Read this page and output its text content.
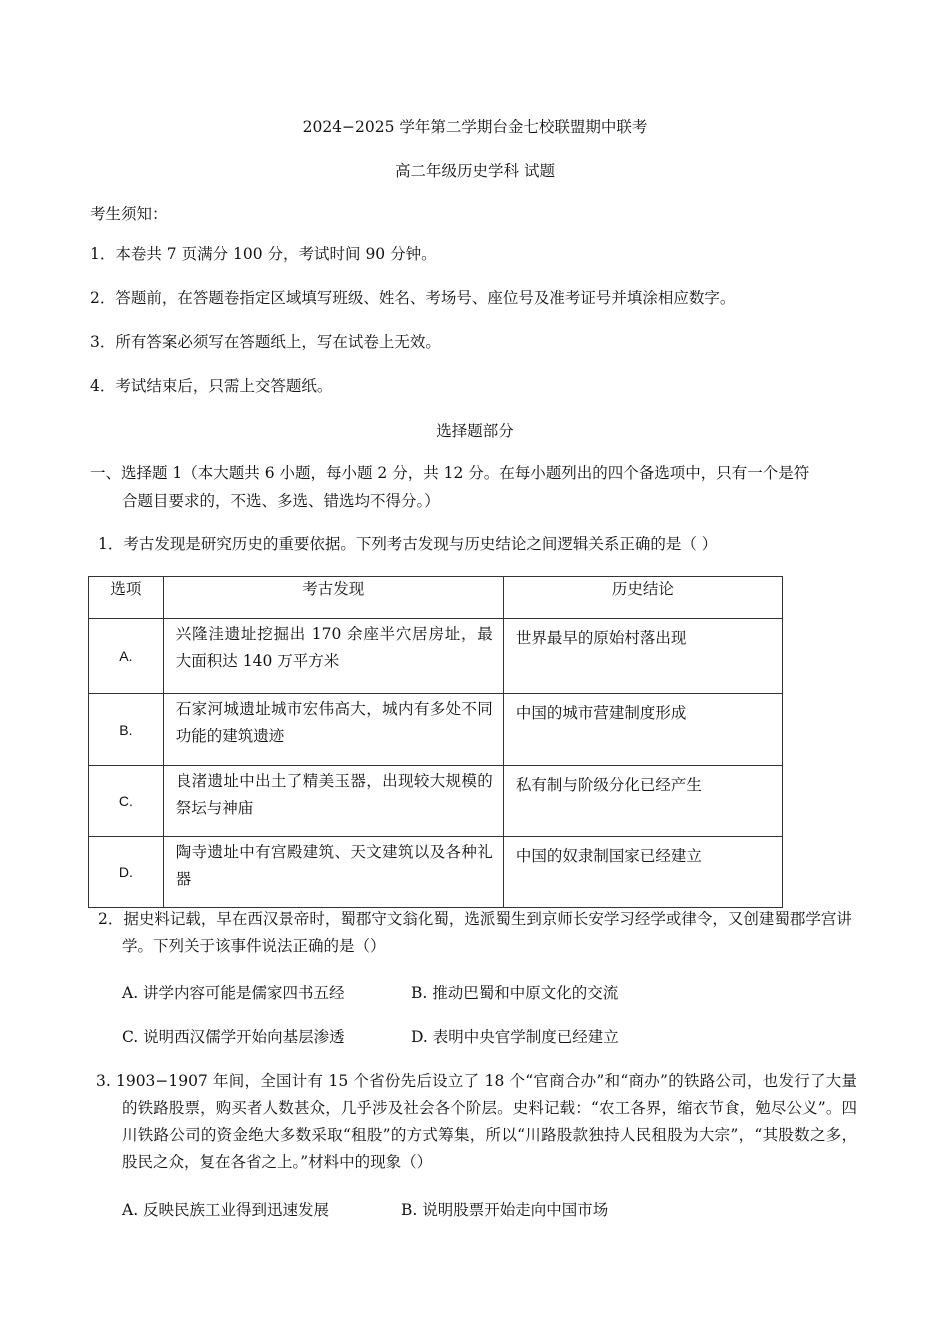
2024−2025 学年第二学期台金七校联盟期中联考
高二年级历史学科 试题
考生须知：
1．本卷共 7 页满分 100 分，考试时间 90 分钟。
2．答题前，在答题卷指定区域填写班级、姓名、考场号、座位号及准考证号并填涂相应数字。
3．所有答案必须写在答题纸上，写在试卷上无效。
4．考试结束后，只需上交答题纸。
选择题部分
一、选择题 1（本大题共 6 小题，每小题 2 分，共 12 分。在每小题列出的四个备选项中，只有一个是符
合题目要求的，不选、多选、错选均不得分。）
1．考古发现是研究历史的重要依据。下列考古发现与历史结论之间逻辑关系正确的是（ ）
选项	考古发现	历史结论
A.	兴隆洼遗址挖掘出 170 余座半穴居房址，最大面积达 140 万平方米	世界最早的原始村落出现
B.	石家河城遗址城市宏伟高大，城内有多处不同功能的建筑遗迹	中国的城市营建制度形成
C.	良渚遗址中出土了精美玉器，出现较大规模的祭坛与神庙	私有制与阶级分化已经产生
D.	陶寺遗址中有宫殿建筑、天文建筑以及各种礼器	中国的奴隶制国家已经建立
2．据史料记载，早在西汉景帝时，蜀郡守文翁化蜀，选派蜀生到京师长安学习经学或律令，又创建蜀郡学宫讲学。下列关于该事件说法正确的是（）
A. 讲学内容可能是儒家四书五经	B. 推动巴蜀和中原文化的交流
C. 说明西汉儒学开始向基层渗透	D. 表明中央官学制度已经建立
3. 1903−1907 年间，全国计有 15 个省份先后设立了 18 个“官商合办”和“商办”的铁路公司，也发行了大量的铁路股票，购买者人数甚众，几乎涉及社会各个阶层。史料记载：“农工各界，缩衣节食，勉尽公义”。四川铁路公司的资金绝大多数采取“租股”的方式筹集，所以“川路股款独持人民租股为大宗”，“其股数之多，股民之众，复在各省之上。”材料中的现象（）
A. 反映民族工业得到迅速发展	B. 说明股票开始走向中国市场
